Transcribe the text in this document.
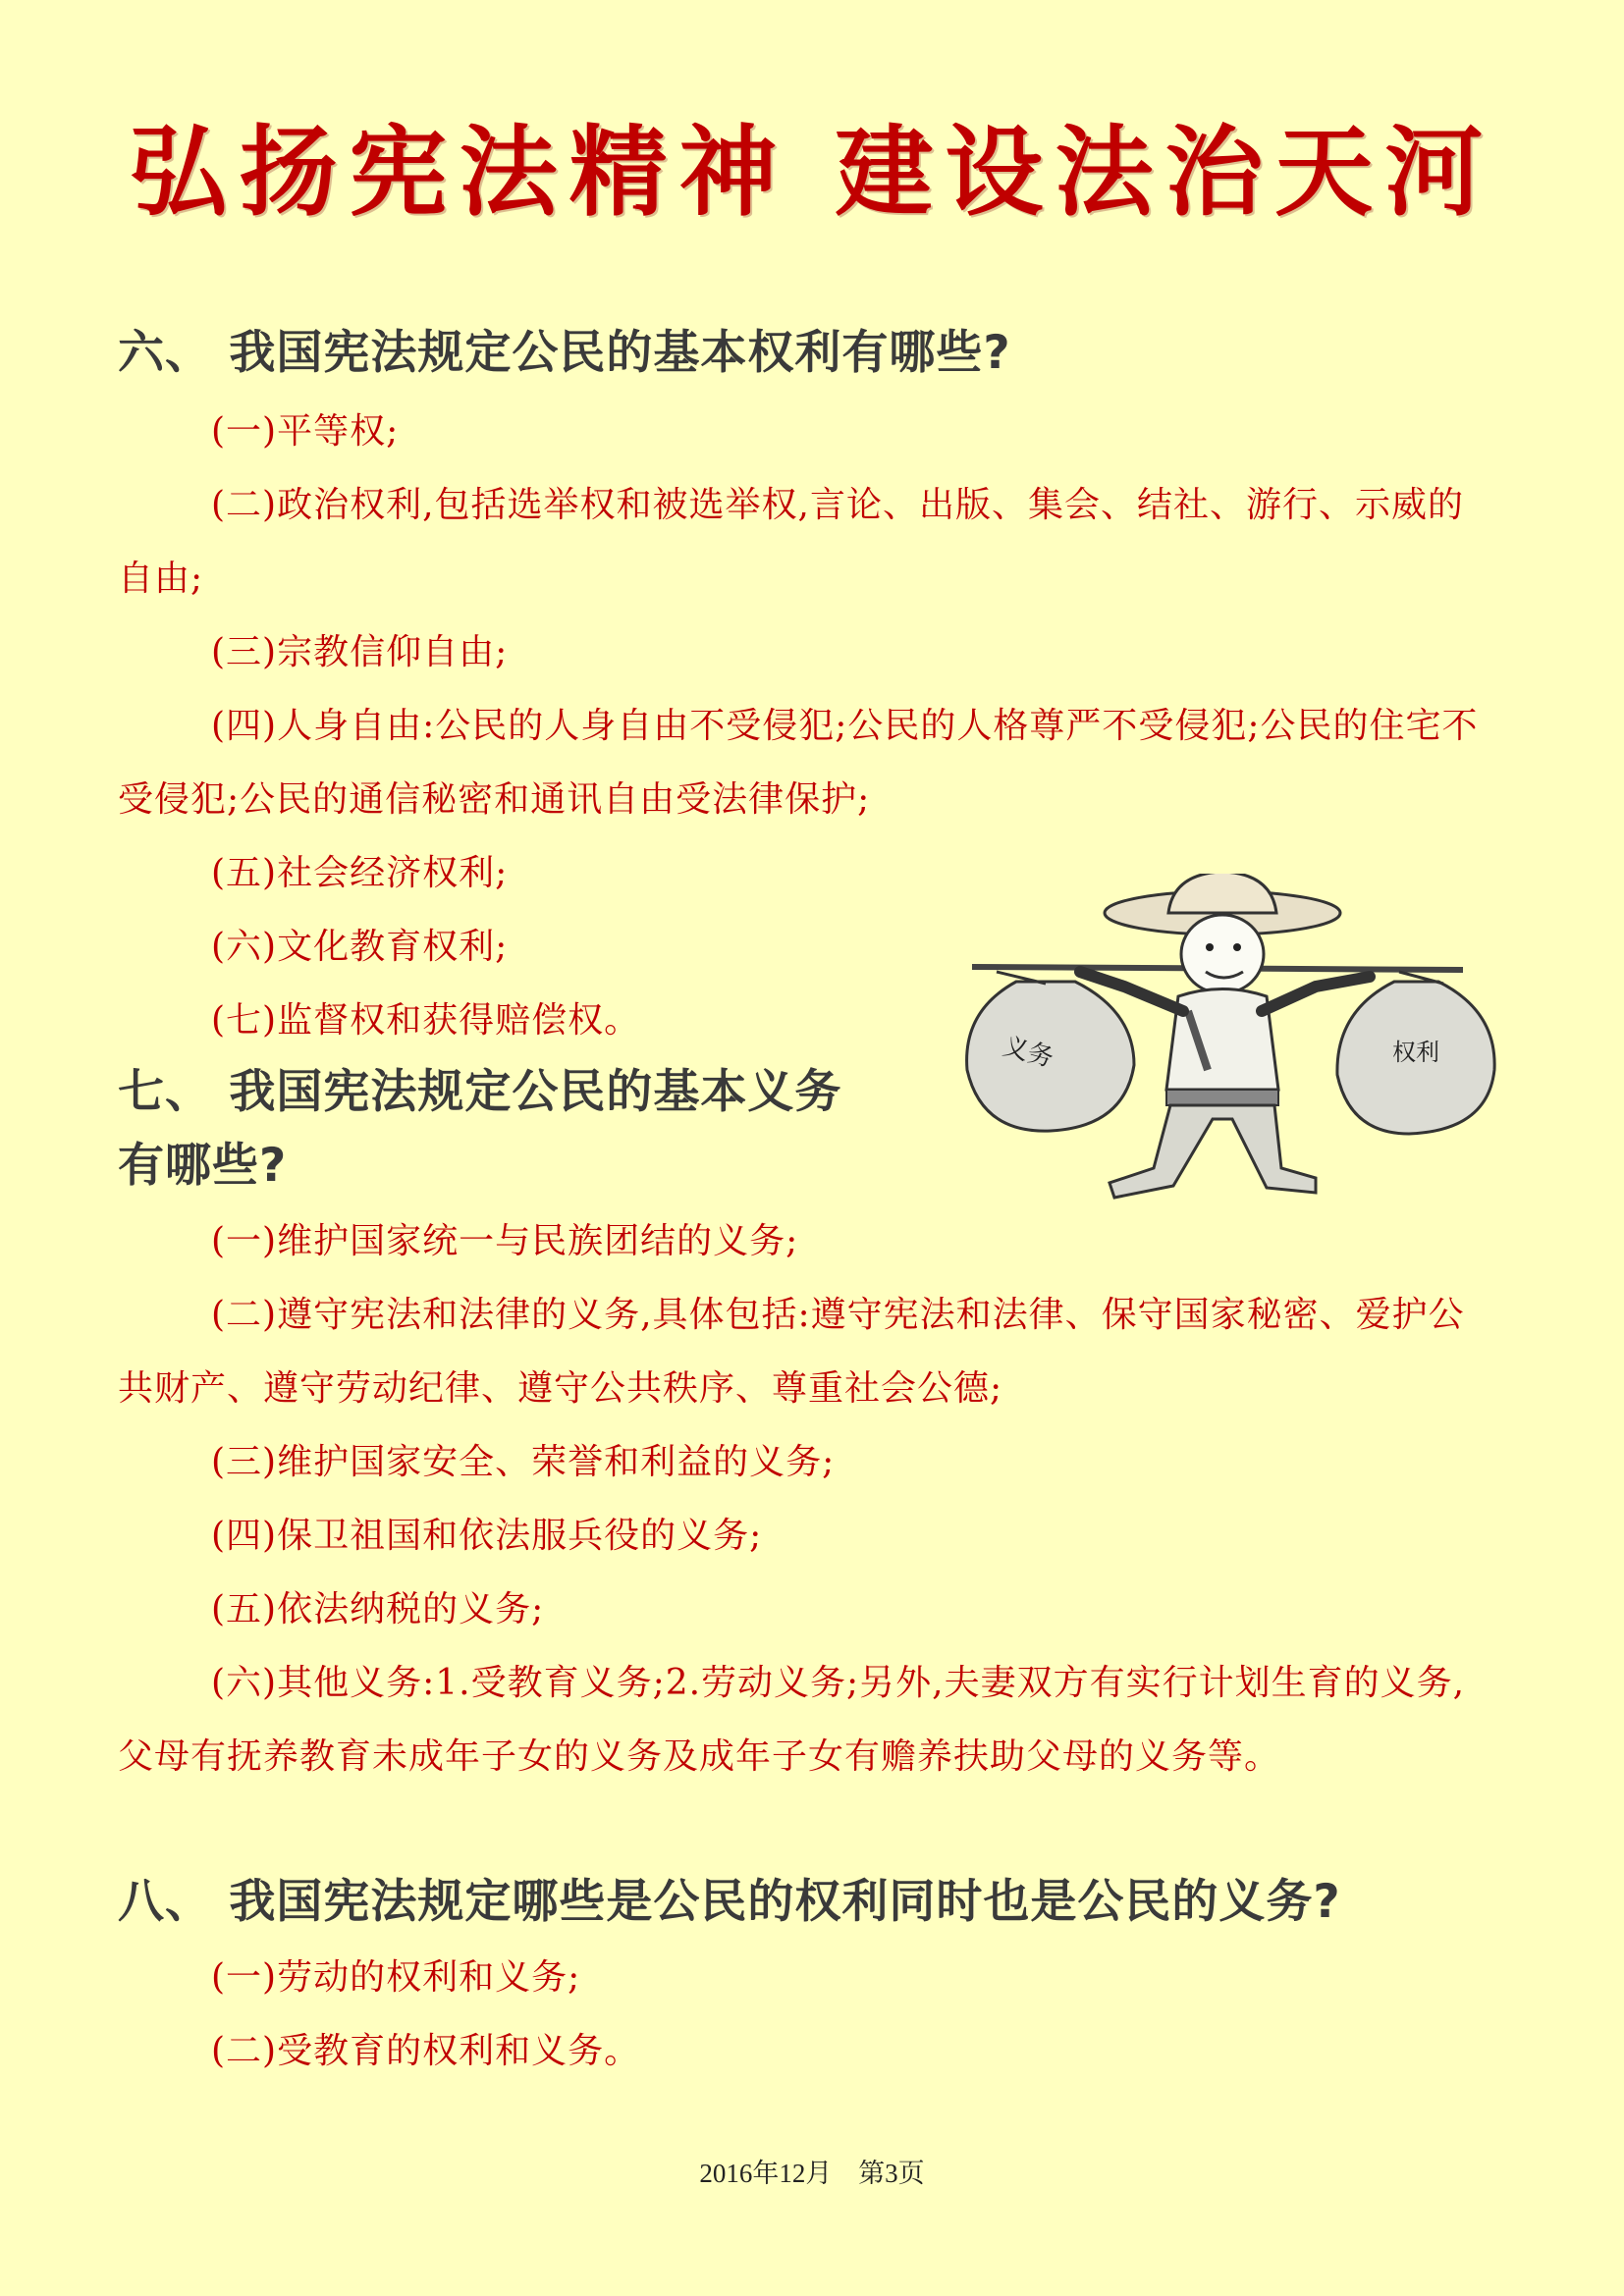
弘扬宪法精神 建设法治天河
六、 我国宪法规定公民的基本权利有哪些?
(一)平等权;
(二)政治权利,包括选举权和被选举权,言论、出版、集会、结社、游行、示威的自由;
(三)宗教信仰自由;
(四)人身自由:公民的人身自由不受侵犯;公民的人格尊严不受侵犯;公民的住宅不受侵犯;公民的通信秘密和通讯自由受法律保护;
(五)社会经济权利;
(六)文化教育权利;
(七)监督权和获得赔偿权。
七、 我国宪法规定公民的基本义务
有哪些?
(一)维护国家统一与民族团结的义务;
(二)遵守宪法和法律的义务,具体包括:遵守宪法和法律、保守国家秘密、爱护公共财产、遵守劳动纪律、遵守公共秩序、尊重社会公德;
(三)维护国家安全、荣誉和利益的义务;
(四)保卫祖国和依法服兵役的义务;
(五)依法纳税的义务;
(六)其他义务:1.受教育义务;2.劳动义务;另外,夫妻双方有实行计划生育的义务,父母有抚养教育未成年子女的义务及成年子女有赡养扶助父母的义务等。
八、 我国宪法规定哪些是公民的权利同时也是公民的义务?
(一)劳动的权利和义务;
(二)受教育的权利和义务。
义务	权利
2016年12月 第3页
